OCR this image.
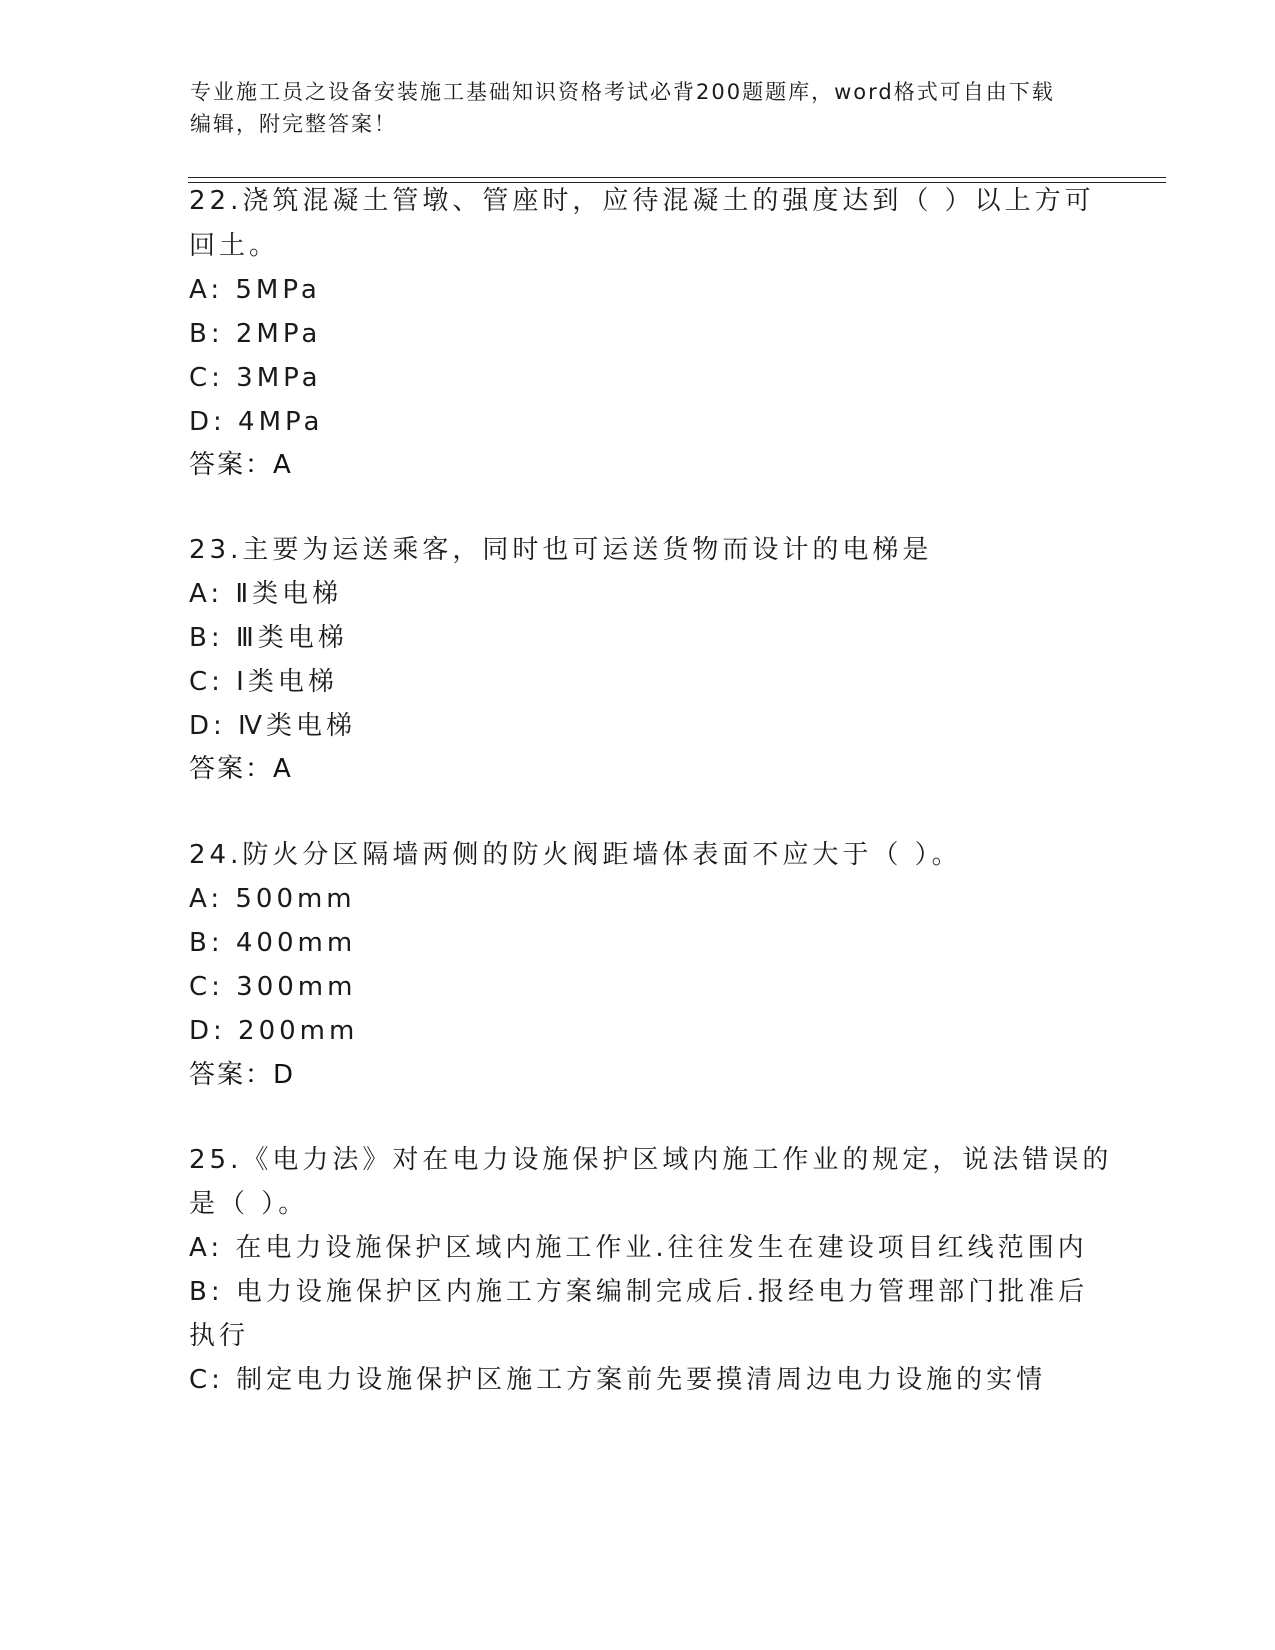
专业施工员之设备安装施工基础知识资格考试必背200题题库，word格式可自由下载编辑，附完整答案！
22.浇筑混凝土管墩、管座时，应待混凝土的强度达到（ ）以上方可
回土。
A: 5MPa
B: 2MPa
C: 3MPa
D: 4MPa
答案：A
23.主要为运送乘客，同时也可运送货物而设计的电梯是
A: Ⅱ类电梯
B: Ⅲ类电梯
C: Ⅰ类电梯
D: Ⅳ类电梯
答案：A
24.防火分区隔墙两侧的防火阀距墙体表面不应大于（ ）。
A: 500mm
B: 400mm
C: 300mm
D: 200mm
答案：D
25.《电力法》对在电力设施保护区域内施工作业的规定，说法错误的
是（ ）。
A: 在电力设施保护区域内施工作业.往往发生在建设项目红线范围内
B: 电力设施保护区内施工方案编制完成后.报经电力管理部门批准后
执行
C: 制定电力设施保护区施工方案前先要摸清周边电力设施的实情
